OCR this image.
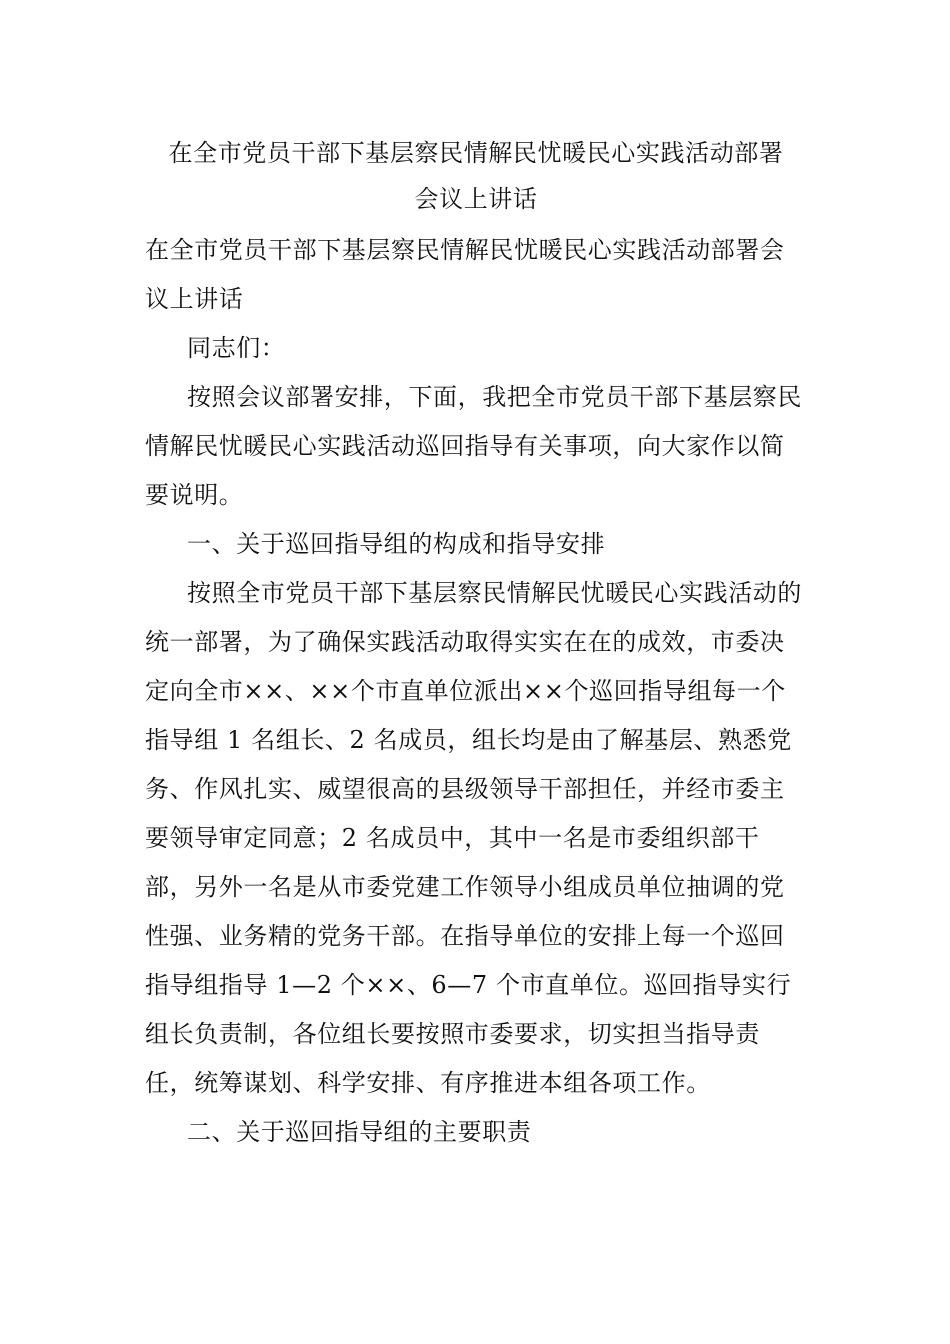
在全市党员干部下基层察民情解民忧暖民心实践活动部署
会议上讲话

在全市党员干部下基层察民情解民忧暖民心实践活动部署会议上讲话

同志们：

按照会议部署安排，下面，我把全市党员干部下基层察民情解民忧暖民心实践活动巡回指导有关事项，向大家作以简要说明。

一、关于巡回指导组的构成和指导安排

按照全市党员干部下基层察民情解民忧暖民心实践活动的统一部署，为了确保实践活动取得实实在在的成效，市委决定向全市××、××个市直单位派出××个巡回指导组每一个指导组 1 名组长、2 名成员，组长均是由了解基层、熟悉党务、作风扎实、威望很高的县级领导干部担任，并经市委主要领导审定同意；2 名成员中，其中一名是市委组织部干部，另外一名是从市委党建工作领导小组成员单位抽调的党性强、业务精的党务干部。在指导单位的安排上每一个巡回指导组指导 1—2 个××、6—7 个市直单位。巡回指导实行组长负责制，各位组长要按照市委要求，切实担当指导责任，统筹谋划、科学安排、有序推进本组各项工作。

二、关于巡回指导组的主要职责
